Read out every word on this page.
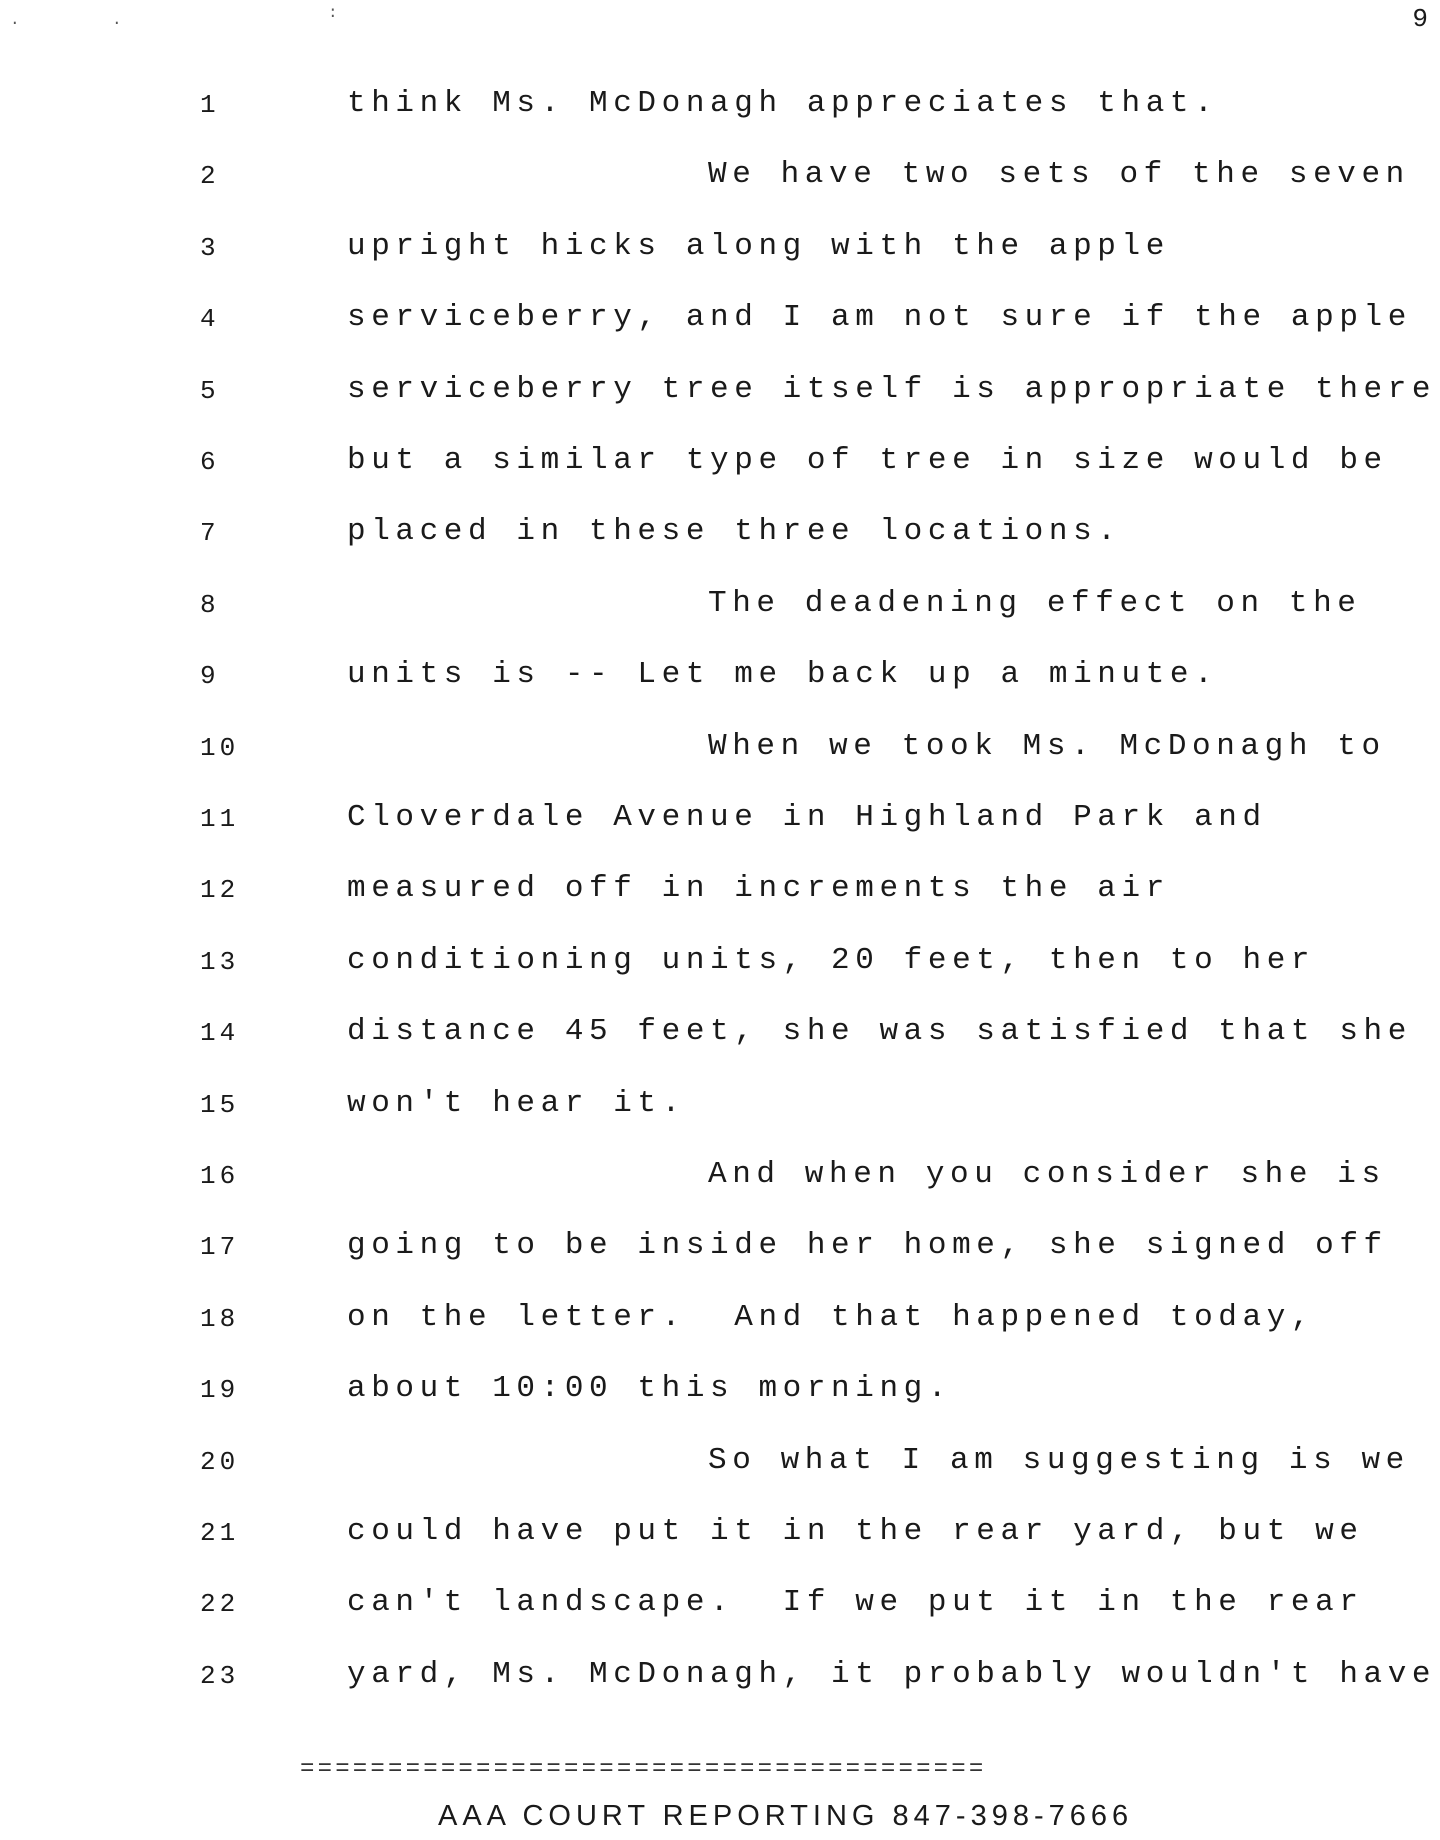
·	·
:	9
1	think Ms. McDonagh appreciates that.
2	We have two sets of the seven
3	upright hicks along with the apple
4	serviceberry, and I am not sure if the apple
5	serviceberry tree itself is appropriate there
6	but a similar type of tree in size would be
7	placed in these three locations.
8	The deadening effect on the
9	units is -- Let me back up a minute.
10	When we took Ms. McDonagh to
11	Cloverdale Avenue in Highland Park and
12	measured off in increments the air
13	conditioning units, 20 feet, then to her
14	distance 45 feet, she was satisfied that she
15	won't hear it.
16	And when you consider she is
17	going to be inside her home, she signed off
18	on the letter.  And that happened today,
19	about 10:00 this morning.
20	So what I am suggesting is we
21	could have put it in the rear yard, but we
22	can't landscape.  If we put it in the rear
23	yard, Ms. McDonagh, it probably wouldn't have
=======================================
AAA COURT REPORTING 847-398-7666
